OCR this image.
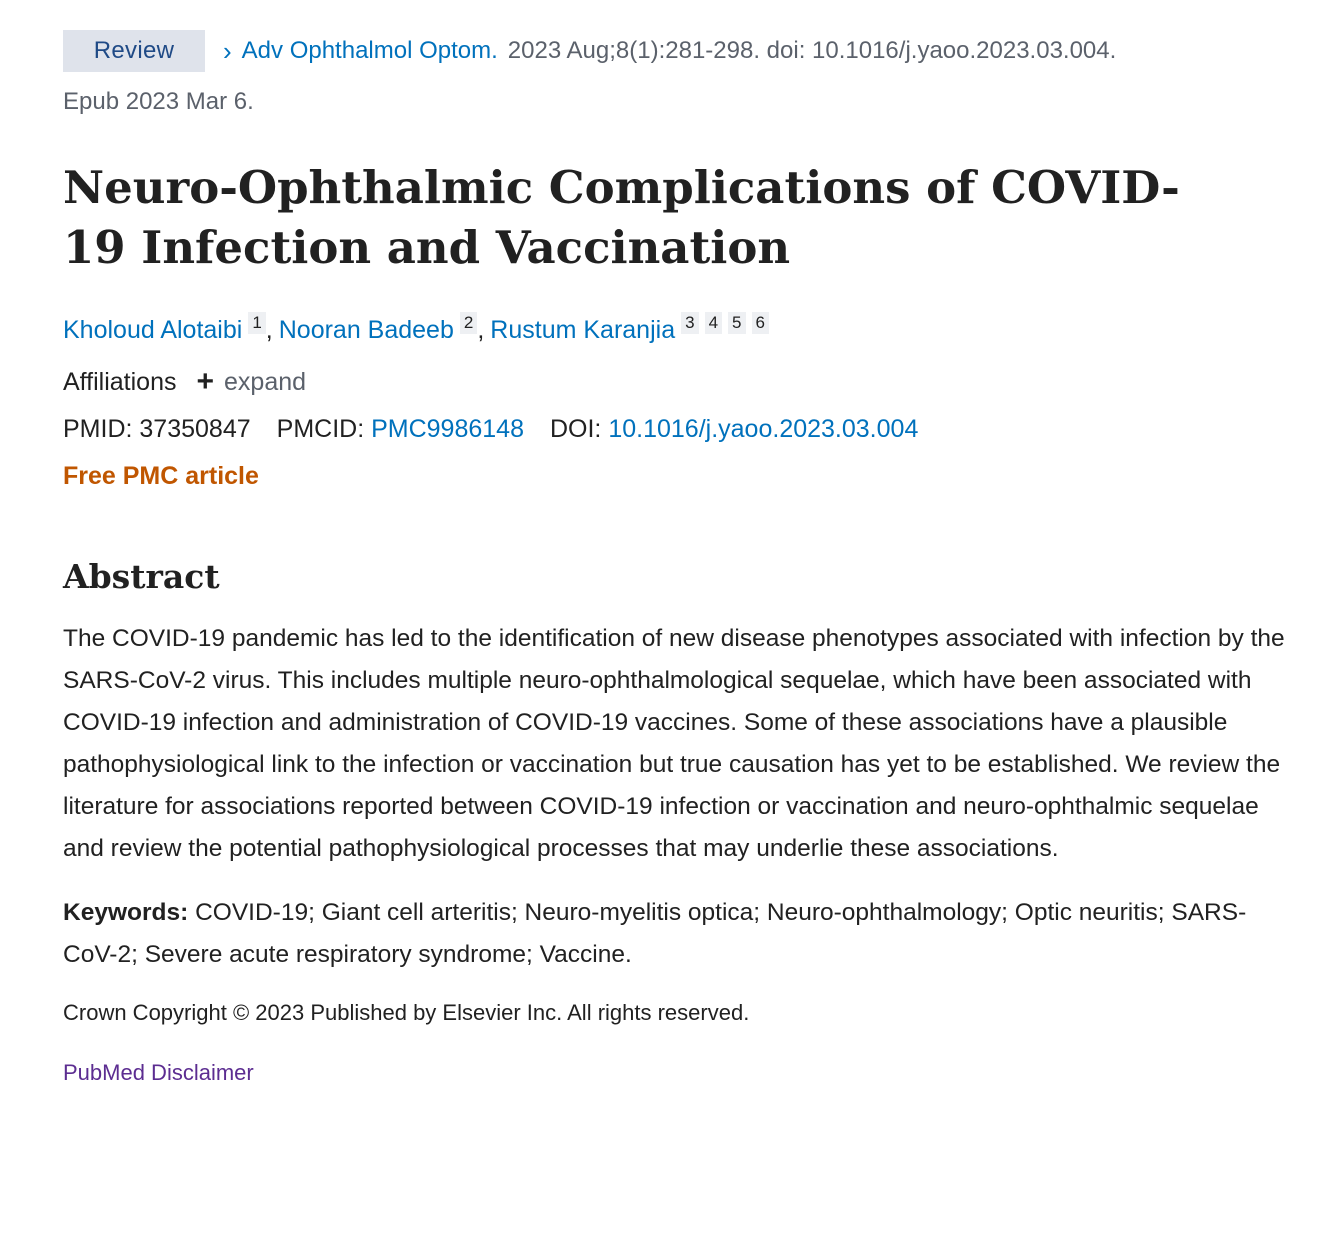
Review	› Adv Ophthalmol Optom. 2023 Aug;8(1):281-298. doi: 10.1016/j.yaoo.2023.03.004.
Epub 2023 Mar 6.
Neuro-Ophthalmic Complications of COVID-19 Infection and Vaccination
Kholoud Alotaibi 1 , Nooran Badeeb 2 , Rustum Karanjia 3 4 5 6
Affiliations + expand
PMID:
37350847 PMCID:
PMC9986148 DOI:
10.1016/j.yaoo.2023.03.004
Free PMC article
Abstract
The COVID-19 pandemic has led to the identification of new disease phenotypes associated with infection by the SARS-CoV-2 virus. This includes multiple neuro-ophthalmological sequelae, which have been associated with COVID-19 infection and administration of COVID-19 vaccines. Some of these associations have a plausible pathophysiological link to the infection or vaccination but true causation has yet to be established. We review the literature for associations reported between COVID-19 infection or vaccination and neuro-ophthalmic sequelae and review the potential pathophysiological processes that may underlie these associations.
Keywords: COVID-19; Giant cell arteritis; Neuro-myelitis optica; Neuro-ophthalmology; Optic neuritis; SARS-CoV-2; Severe acute respiratory syndrome; Vaccine.
Crown Copyright © 2023 Published by Elsevier Inc. All rights reserved.
PubMed Disclaimer
